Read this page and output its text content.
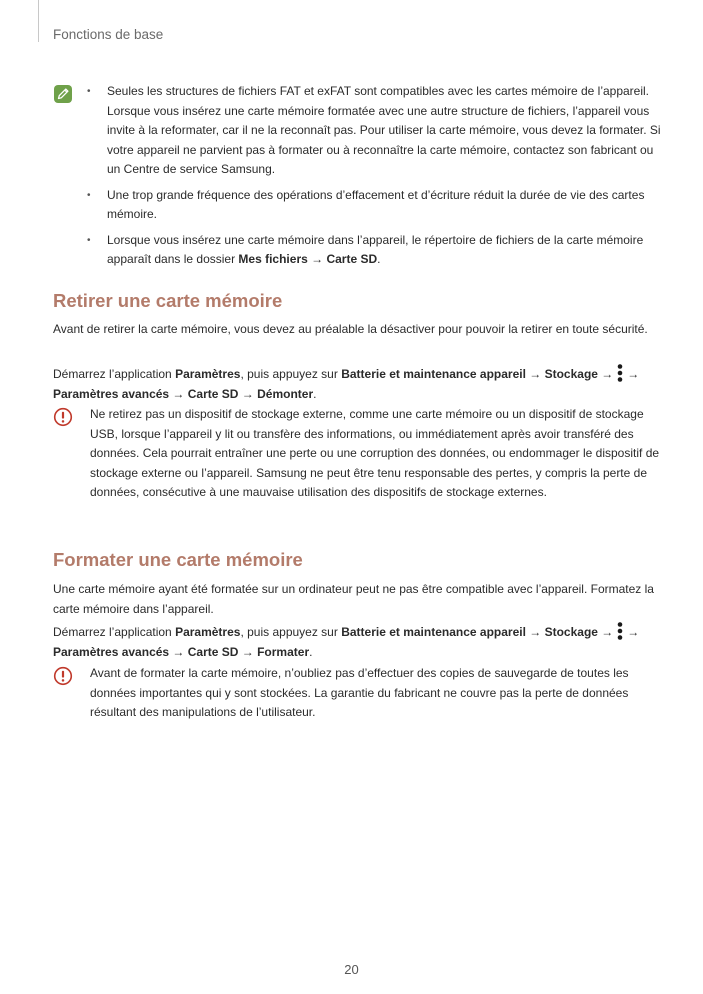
Fonctions de base
• Seules les structures de fichiers FAT et exFAT sont compatibles avec les cartes mémoire de l’appareil. Lorsque vous insérez une carte mémoire formatée avec une autre structure de fichiers, l’appareil vous invite à la reformater, car il ne la reconnaît pas. Pour utiliser la carte mémoire, vous devez la formater. Si votre appareil ne parvient pas à formater ou à reconnaître la carte mémoire, contactez son fabricant ou un Centre de service Samsung.
• Une trop grande fréquence des opérations d’effacement et d’écriture réduit la durée de vie des cartes mémoire.
• Lorsque vous insérez une carte mémoire dans l’appareil, le répertoire de fichiers de la carte mémoire apparaît dans le dossier Mes fichiers → Carte SD.
Retirer une carte mémoire

Avant de retirer la carte mémoire, vous devez au préalable la désactiver pour pouvoir la retirer en toute sécurité.

Démarrez l’application Paramètres, puis appuyez sur Batterie et maintenance appareil → Stockage → → Paramètres avancés → Carte SD → Démonter.

Ne retirez pas un dispositif de stockage externe, comme une carte mémoire ou un dispositif de stockage USB, lorsque l’appareil y lit ou transfère des informations, ou immédiatement après avoir transféré des données. Cela pourrait entraîner une perte ou une corruption des données, ou endommager le dispositif de stockage externe ou l’appareil. Samsung ne peut être tenu responsable des pertes, y compris la perte de données, consécutive à une mauvaise utilisation des dispositifs de stockage externes.

Formater une carte mémoire

Une carte mémoire ayant été formatée sur un ordinateur peut ne pas être compatible avec l’appareil. Formatez la carte mémoire dans l’appareil.

Démarrez l’application Paramètres, puis appuyez sur Batterie et maintenance appareil → Stockage → → Paramètres avancés → Carte SD → Formater.

Avant de formater la carte mémoire, n’oubliez pas d’effectuer des copies de sauvegarde de toutes les données importantes qui y sont stockées. La garantie du fabricant ne couvre pas la perte de données résultant des manipulations de l’utilisateur.

20
